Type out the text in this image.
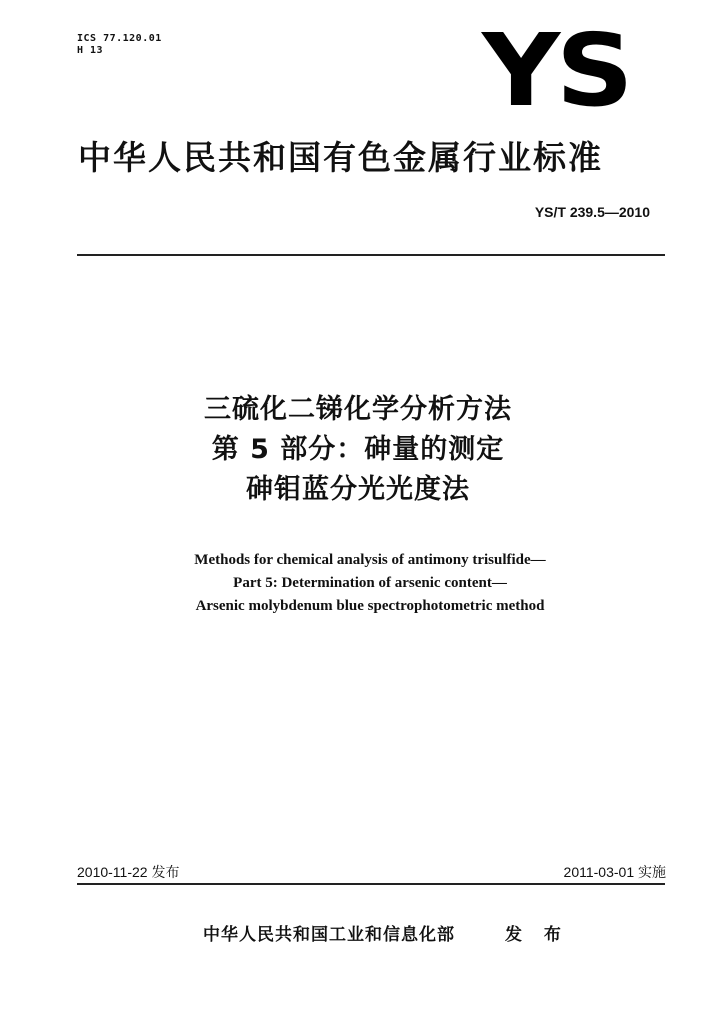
ICS 77.120.01
H 13	YS
中华人民共和国有色金属行业标准
YS/T 239.5—2010
三硫化二锑化学分析方法
第 5 部分：砷量的测定
砷钼蓝分光光度法
Methods for chemical analysis of antimony trisulfide—
Part 5: Determination of arsenic content—
Arsenic molybdenum blue spectrophotometric method
2010-11-22 发布	2011-03-01 实施
中华人民共和国工业和信息化部	发 布
